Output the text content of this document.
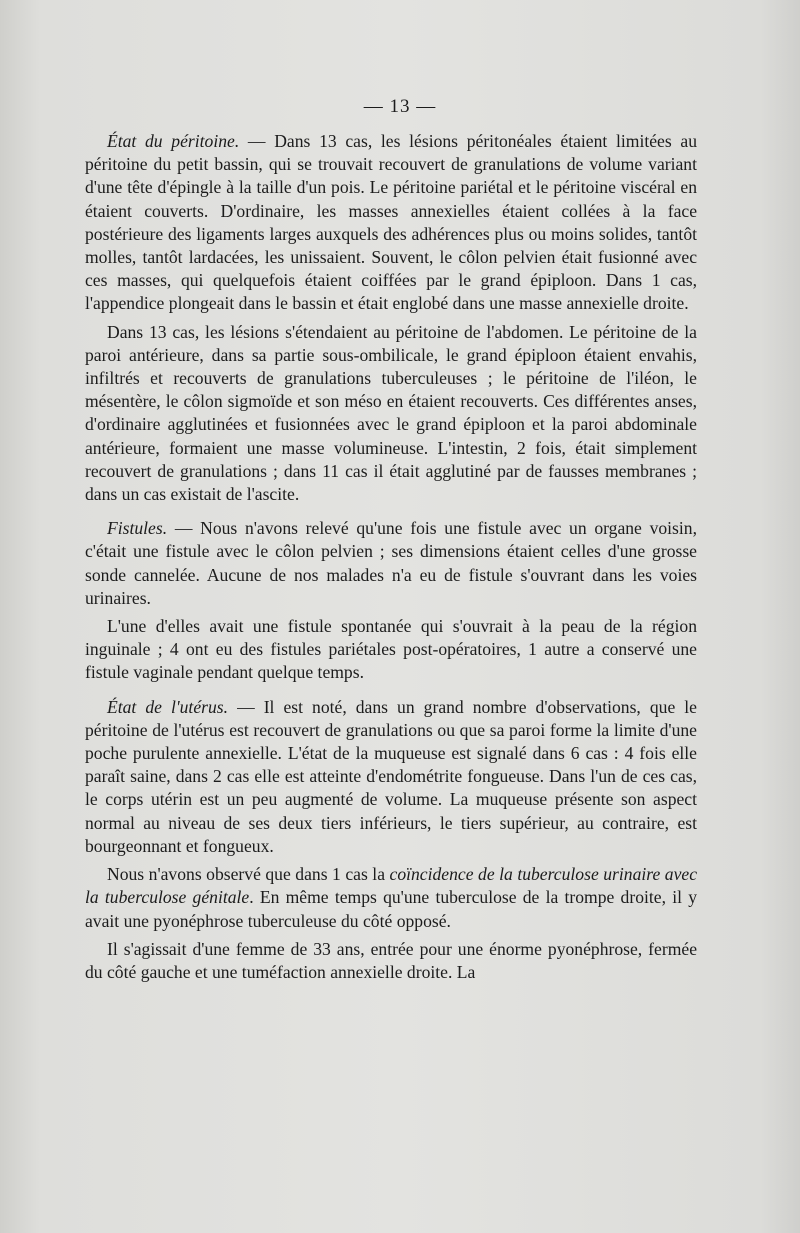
— 13 —

État du péritoine. — Dans 13 cas, les lésions péritonéales étaient limitées au péritoine du petit bassin, qui se trouvait recouvert de granulations de volume variant d'une tête d'épingle à la taille d'un pois. Le péritoine pariétal et le péritoine viscéral en étaient couverts. D'ordinaire, les masses annexielles étaient collées à la face postérieure des ligaments larges auxquels des adhérences plus ou moins solides, tantôt molles, tantôt lardacées, les unissaient. Souvent, le côlon pelvien était fusionné avec ces masses, qui quelquefois étaient coiffées par le grand épiploon. Dans 1 cas, l'appendice plongeait dans le bassin et était englobé dans une masse annexielle droite.

Dans 13 cas, les lésions s'étendaient au péritoine de l'abdomen. Le péritoine de la paroi antérieure, dans sa partie sous-ombilicale, le grand épiploon étaient envahis, infiltrés et recouverts de granulations tuberculeuses ; le péritoine de l'iléon, le mésentère, le côlon sigmoïde et son méso en étaient recouverts. Ces différentes anses, d'ordinaire agglutinées et fusionnées avec le grand épiploon et la paroi abdominale antérieure, formaient une masse volumineuse. L'intestin, 2 fois, était simplement recouvert de granulations ; dans 11 cas il était agglutiné par de fausses membranes ; dans un cas existait de l'ascite.

Fistules. — Nous n'avons relevé qu'une fois une fistule avec un organe voisin, c'était une fistule avec le côlon pelvien ; ses dimensions étaient celles d'une grosse sonde cannelée. Aucune de nos malades n'a eu de fistule s'ouvrant dans les voies urinaires.

L'une d'elles avait une fistule spontanée qui s'ouvrait à la peau de la région inguinale ; 4 ont eu des fistules pariétales post-opératoires, 1 autre a conservé une fistule vaginale pendant quelque temps.

État de l'utérus. — Il est noté, dans un grand nombre d'observations, que le péritoine de l'utérus est recouvert de granulations ou que sa paroi forme la limite d'une poche purulente annexielle. L'état de la muqueuse est signalé dans 6 cas : 4 fois elle paraît saine, dans 2 cas elle est atteinte d'endométrite fongueuse. Dans l'un de ces cas, le corps utérin est un peu augmenté de volume. La muqueuse présente son aspect normal au niveau de ses deux tiers inférieurs, le tiers supérieur, au contraire, est bourgeonnant et fongueux.

Nous n'avons observé que dans 1 cas la coïncidence de la tuberculose urinaire avec la tuberculose génitale. En même temps qu'une tuberculose de la trompe droite, il y avait une pyonéphrose tuberculeuse du côté opposé.

Il s'agissait d'une femme de 33 ans, entrée pour une énorme pyonéphrose, fermée du côté gauche et une tuméfaction annexielle droite. La
